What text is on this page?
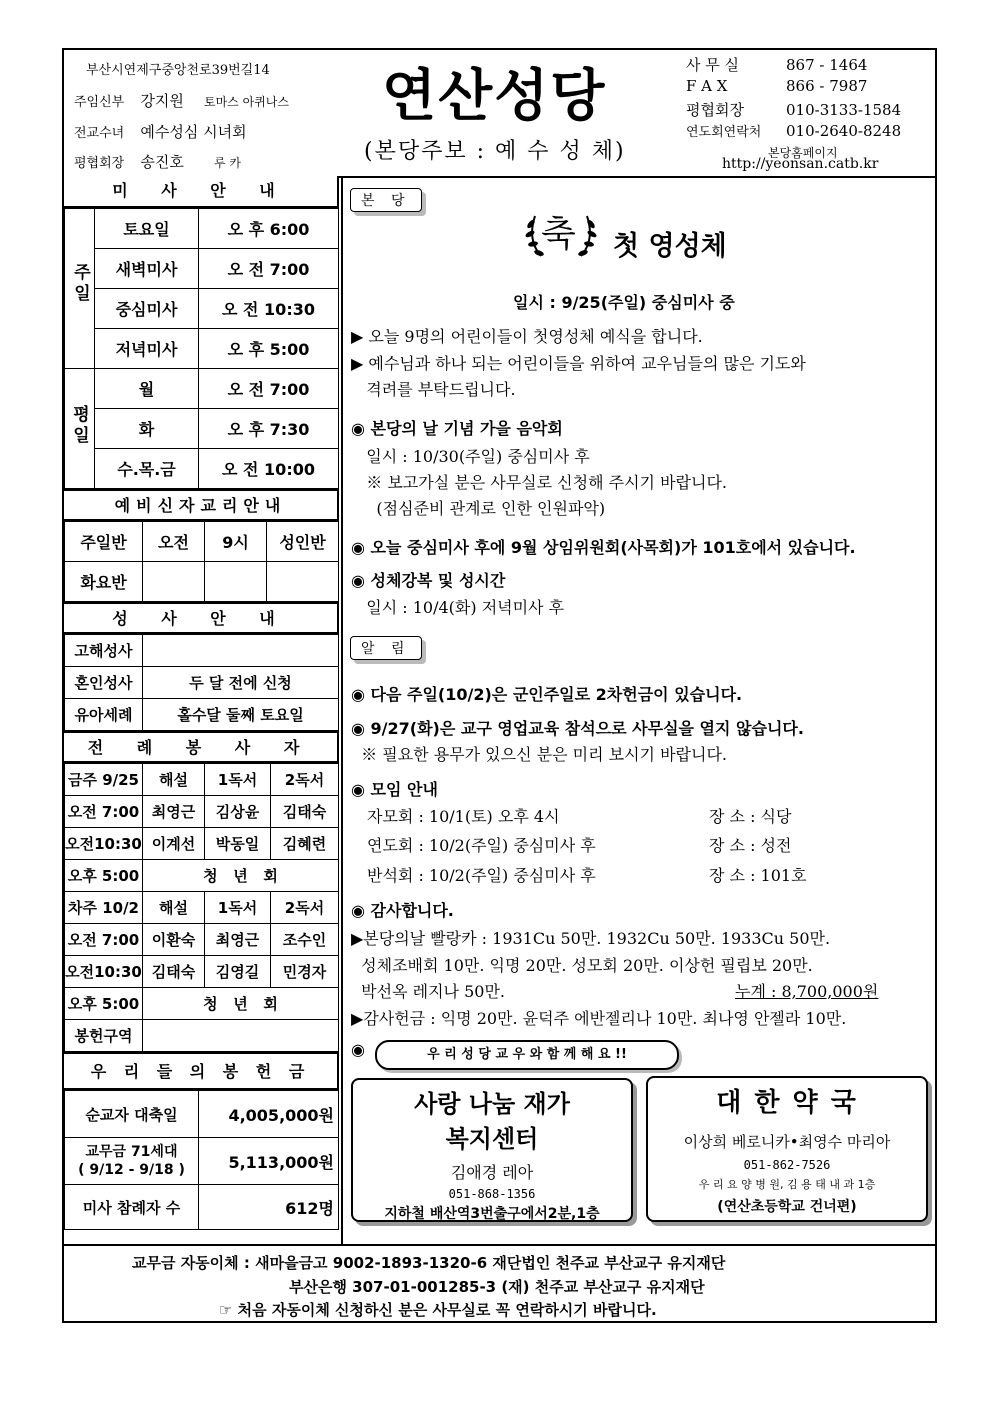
부산시연제구중앙천로39번길14
주임신부 강지원 토마스 아퀴나스
전교수녀 예수성심 시녀회
평협회장 송진호	루 카
연산성당
(본당주보 : 예 수 성 체)
사 무 실	867 - 1464
F A X	866 - 7987
평협회장	010-3133-1584
연도회연락처 010-2640-8248
본당홈페이지
http://yeonsan.catb.kr
미 사 안 내
주일	토요일	오 후 6:00
	새벽미사	오 전 7:00
	중심미사	오 전 10:30
	저녁미사	오 후 5:00
평일	월	오 전 7:00
	화	오 후 7:30
	수.목.금	오 전 10:00
예비신자교리안내
주일반	오전	9시	성인반
화요반			
성 사 안 내
고해성사	
혼인성사	두 달 전에 신청
유아세례	홀수달 둘째 토요일
전 례 봉 사 자
금주 9/25	해설	1독서	2독서
오전 7:00	최영근	김상윤	김태숙
오전10:30	이계선	박동일	김혜련
오후 5:00	청   년   회		
차주 10/2	해설	1독서	2독서
오전 7:00	이환숙	최영근	조수인
오전10:30	김태숙	김영길	민경자
오후 5:00	청   년   회		
봉헌구역			
우 리 들 의 봉 헌 금
순교자 대축일	4,005,000원
교무금 71세대
( 9/12 - 9/18 )	5,113,000원
미사 참례자 수	612명
본 당
축 첫 영성체
일시 : 9/25(주일) 중심미사 중
▶ 오늘 9명의 어린이들이 첫영성체 예식을 합니다.
▶ 예수님과 하나 되는 어린이들을 위하여 교우님들의 많은 기도와
격려를 부탁드립니다.
◉ 본당의 날 기념 가을 음악회
일시 : 10/30(주일) 중심미사 후
※ 보고가실 분은 사무실로 신청해 주시기 바랍니다.
(점심준비 관계로 인한 인원파악)
◉ 오늘 중심미사 후에 9월 상임위원회(사목회)가 101호에서 있습니다.
◉ 성체강복 및 성시간
일시 : 10/4(화) 저녁미사 후
알 림
◉ 다음 주일(10/2)은 군인주일로 2차헌금이 있습니다.
◉ 9/27(화)은 교구 영업교육 참석으로 사무실을 열지 않습니다.
※ 필요한 용무가 있으신 분은 미리 보시기 바랍니다.
◉ 모임 안내
자모회 : 10/1(토) 오후 4시	장 소 : 식당
연도회 : 10/2(주일) 중심미사 후	장 소 : 성전
반석회 : 10/2(주일) 중심미사 후	장 소 : 101호
◉ 감사합니다.
▶본당의날 빨랑카 : 1931Cu 50만. 1932Cu 50만. 1933Cu 50만.
성체조배회 10만. 익명 20만. 성모회 20만. 이상헌 필립보 20만.
박선옥 레지나 50만.	누계 : 8,700,000원
▶감사헌금 : 익명 20만. 윤덕주 에반젤리나 10만. 최나영 안젤라 10만.
◉	우 리 성 당 교 우 와 함 께 해 요 !!
사랑 나눔 재가
복지센터
김애경 레아
051-868-1356
지하철 배산역3번출구에서2분,1층
대 한 약 국
이상희 베로니카•최영수 마리아
051-862-7526
우 리 요 양 병 원, 김 용 태 내 과 1층
(연산초등학교 건너편)
교무금 자동이체 : 새마을금고 9002-1893-1320-6 재단법인 천주교 부산교구 유지재단
부산은행 307-01-001285-3 (재) 천주교 부산교구 유지재단
☞ 처음 자동이체 신청하신 분은 사무실로 꼭 연락하시기 바랍니다.
